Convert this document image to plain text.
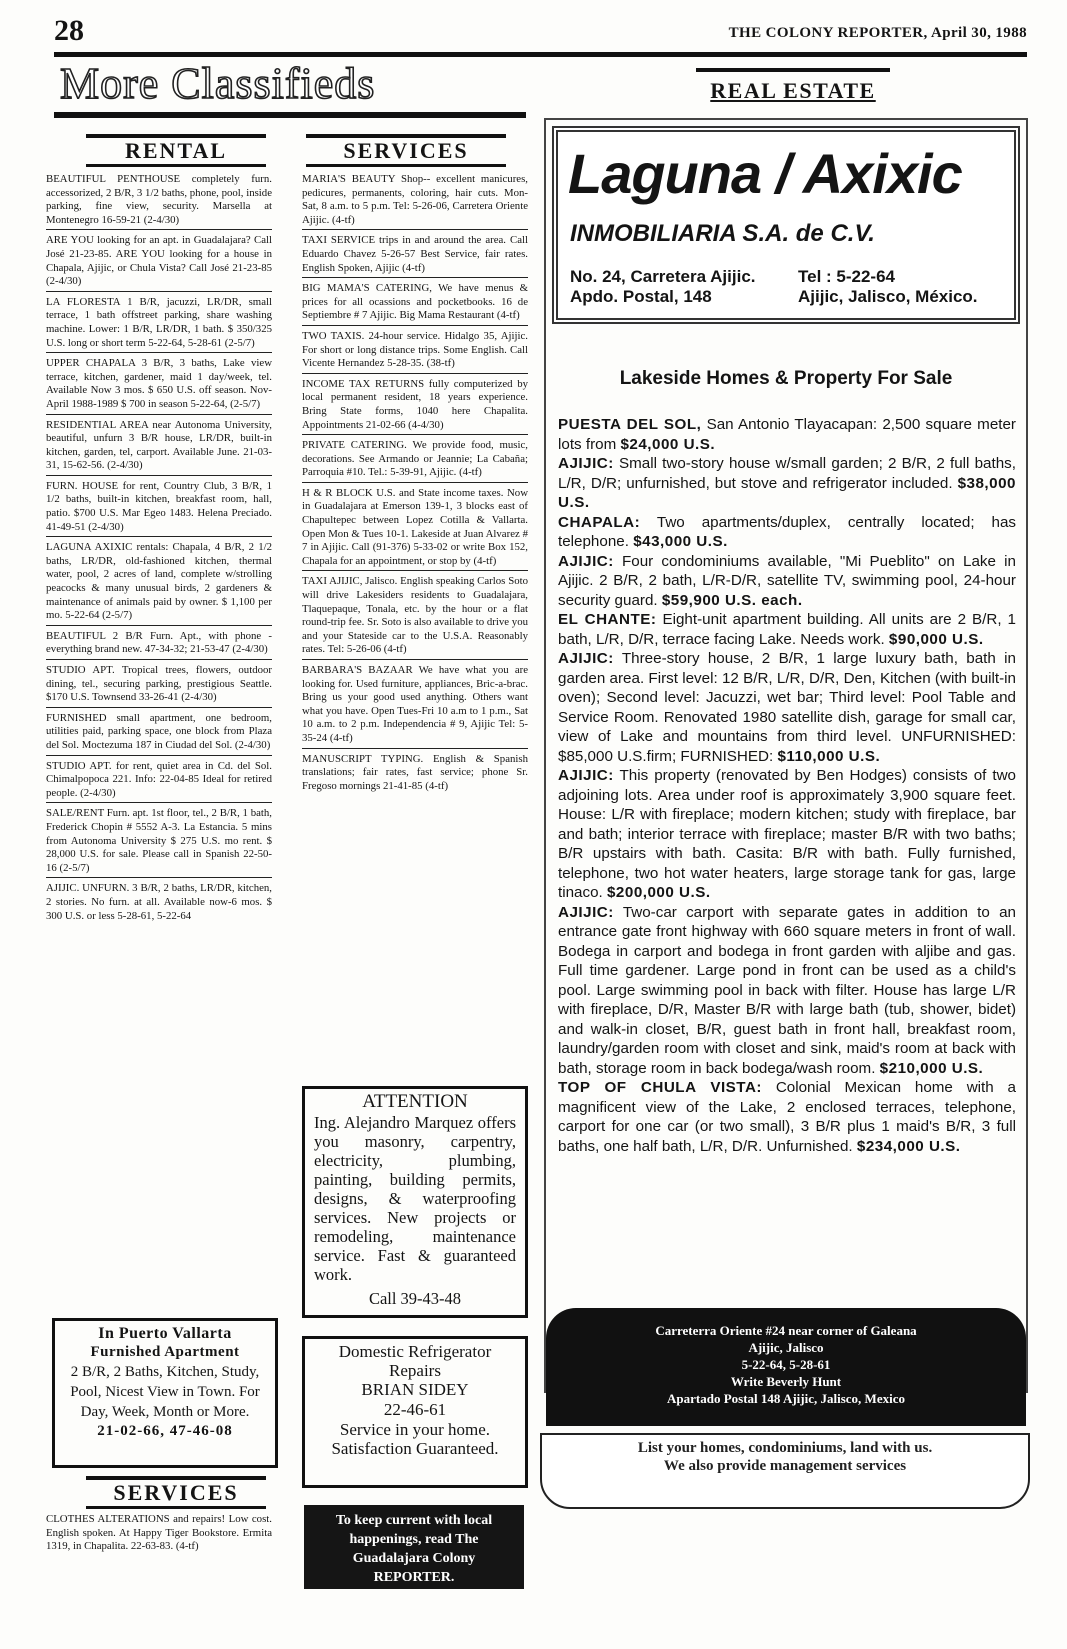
28	THE COLONY REPORTER, April 30, 1988
More Classifieds	REAL ESTATE
RENTAL
BEAUTIFUL PENTHOUSE completely furn. accessorized, 2 B/R, 3 1/2 baths, phone, pool, inside parking, fine view, security. Marsella at Montenegro 16-59-21 (2-4/30)
ARE YOU looking for an apt. in Guadalajara? Call José 21-23-85. ARE YOU looking for a house in Chapala, Ajijic, or Chula Vista? Call José 21-23-85 (2-4/30)
LA FLORESTA 1 B/R, jacuzzi, LR/DR, small terrace, 1 bath offstreet parking, share washing machine. Lower: 1 B/R, LR/DR, 1 bath. $ 350/325 U.S. long or short term 5-22-64, 5-28-61 (2-5/7)
UPPER CHAPALA 3 B/R, 3 baths, Lake view terrace, kitchen, gardener, maid 1 day/week, tel. Available Now 3 mos. $ 650 U.S. off season. Nov-April 1988-1989 $ 700 in season 5-22-64, (2-5/7)
RESIDENTIAL AREA near Autonoma University, beautiful, unfurn 3 B/R house, LR/DR, built-in kitchen, garden, tel, carport. Available June. 21-03-31, 15-62-56. (2-4/30)
FURN. HOUSE for rent, Country Club, 3 B/R, 1 1/2 baths, built-in kitchen, breakfast room, hall, patio. $700 U.S. Mar Egeo 1483. Helena Preciado. 41-49-51 (2-4/30)
LAGUNA AXIXIC rentals: Chapala, 4 B/R, 2 1/2 baths, LR/DR, old-fashioned kitchen, thermal water, pool, 2 acres of land, complete w/strolling peacocks & many unusual birds, 2 gardeners & maintenance of animals paid by owner. $ 1,100 per mo. 5-22-64 (2-5/7)
BEAUTIFUL 2 B/R Furn. Apt., with phone - everything brand new. 47-34-32; 21-53-47 (2-4/30)
STUDIO APT. Tropical trees, flowers, outdoor dining, tel., securing parking, prestigious Seattle. $170 U.S. Townsend 33-26-41 (2-4/30)
FURNISHED small apartment, one bedroom, utilities paid, parking space, one block from Plaza del Sol. Moctezuma 187 in Ciudad del Sol. (2-4/30)
STUDIO APT. for rent, quiet area in Cd. del Sol. Chimalpopoca 221. Info: 22-04-85 Ideal for retired people. (2-4/30)
SALE/RENT Furn. apt. 1st floor, tel., 2 B/R, 1 bath, Frederick Chopin # 5552 A-3. La Estancia. 5 mins from Autonoma University $ 275 U.S. mo rent. $ 28,000 U.S. for sale. Please call in Spanish 22-50-16 (2-5/7)
AJIJIC. UNFURN. 3 B/R, 2 baths, LR/DR, kitchen, 2 stories. No furn. at all. Available now-6 mos. $ 300 U.S. or less 5-28-61, 5-22-64
In Puerto Vallarta
Furnished Apartment
2 B/R, 2 Baths, Kitchen, Study, Pool, Nicest View in Town. For Day, Week, Month or More.
21-02-66, 47-46-08
SERVICES
CLOTHES ALTERATIONS and repairs! Low cost. English spoken. At Happy Tiger Bookstore. Ermita 1319, in Chapalita. 22-63-83. (4-tf)
SERVICES
MARIA'S BEAUTY Shop-- excellent manicures, pedicures, permanents, coloring, hair cuts. Mon-Sat, 8 a.m. to 5 p.m. Tel: 5-26-06, Carretera Oriente Ajijic. (4-tf)
TAXI SERVICE trips in and around the area. Call Eduardo Chavez 5-26-57 Best Service, fair rates. English Spoken, Ajijic (4-tf)
BIG MAMA'S CATERING, We have menus & prices for all ocassions and pocketbooks. 16 de Septiembre # 7 Ajijic. Big Mama Restaurant (4-tf)
TWO TAXIS. 24-hour service. Hidalgo 35, Ajijic. For short or long distance trips. Some English. Call Vicente Hernandez 5-28-35. (38-tf)
INCOME TAX RETURNS fully computerized by local permanent resident, 18 years experience. Bring State forms, 1040 here Chapalita. Appointments 21-02-66 (4-4/30)
PRIVATE CATERING. We provide food, music, decorations. See Armando or Jeannie; La Cabaña; Parroquia #10. Tel.: 5-39-91, Ajijic. (4-tf)
H & R BLOCK U.S. and State income taxes. Now in Guadalajara at Emerson 139-1, 3 blocks east of Chapultepec between Lopez Cotilla & Vallarta. Open Mon & Tues 10-1. Lakeside at Juan Alvarez # 7 in Ajijic. Call (91-376) 5-33-02 or write Box 152, Chapala for an appointment, or stop by (4-tf)
TAXI AJIJIC, Jalisco. English speaking Carlos Soto will drive Lakesiders residents to Guadalajara, Tlaquepaque, Tonala, etc. by the hour or a flat round-trip fee. Sr. Soto is also available to drive you and your Stateside car to the U.S.A. Reasonably rates. Tel: 5-26-06 (4-tf)
BARBARA'S BAZAAR We have what you are looking for. Used furniture, appliances, Bric-a-brac. Bring us your good used anything. Others want what you have. Open Tues-Fri 10 a.m to 1 p.m., Sat 10 a.m. to 2 p.m. Independencia # 9, Ajijic Tel: 5-35-24 (4-tf)
MANUSCRIPT TYPING. English & Spanish translations; fair rates, fast service; phone Sr. Fregoso mornings 21-41-85 (4-tf)
ATTENTION
Ing. Alejandro Marquez offers you masonry, carpentry, electricity, plumbing, painting, building permits, designs, & waterproofing services. New projects or remodeling, maintenance service. Fast & guaranteed work.
Call 39-43-48
Domestic Refrigerator Repairs
BRIAN SIDEY
22-46-61
Service in your home. Satisfaction Guaranteed.
To keep current with local happenings, read The Guadalajara Colony REPORTER.
Laguna / Axixic
INMOBILIARIA S.A. de C.V.
No. 24, Carretera Ajijic.
Apdo. Postal, 148
Tel : 5-22-64
Ajijic, Jalisco, México.
Lakeside Homes & Property For Sale
PUESTA DEL SOL, San Antonio Tlayacapan: 2,500 square meter lots from $24,000 U.S.
AJIJIC: Small two-story house w/small garden; 2 B/R, 2 full baths, L/R, D/R; unfurnished, but stove and refrigerator included. $38,000 U.S.
CHAPALA: Two apartments/duplex, centrally located; has telephone. $43,000 U.S.
AJIJIC: Four condominiums available, "Mi Pueblito" on Lake in Ajijic. 2 B/R, 2 bath, L/R-D/R, satellite TV, swimming pool, 24-hour security guard. $59,900 U.S. each.
EL CHANTE: Eight-unit apartment building. All units are 2 B/R, 1 bath, L/R, D/R, terrace facing Lake. Needs work. $90,000 U.S.
AJIJIC: Three-story house, 2 B/R, 1 large luxury bath, bath in garden area. First level: 12 B/R, L/R, D/R, Den, Kitchen (with built-in oven); Second level: Jacuzzi, wet bar; Third level: Pool Table and Service Room. Renovated 1980 satellite dish, garage for small car, view of Lake and mountains from third level. UNFURNISHED: $85,000 U.S.firm; FURNISHED: $110,000 U.S.
AJIJIC: This property (renovated by Ben Hodges) consists of two adjoining lots. Area under roof is approximately 3,900 square feet. House: L/R with fireplace; modern kitchen; study with fireplace, bar and bath; interior terrace with fireplace; master B/R with two baths; B/R upstairs with bath. Casita: B/R with bath. Fully furnished, telephone, two hot water heaters, large storage tank for gas, large tinaco. $200,000 U.S.
AJIJIC: Two-car carport with separate gates in addition to an entrance gate front highway with 660 square meters in front of wall. Bodega in carport and bodega in front garden with aljibe and gas. Full time gardener. Large pond in front can be used as a child's pool. Large swimming pool in back with filter. House has large L/R with fireplace, D/R, Master B/R with large bath (tub, shower, bidet) and walk-in closet, B/R, guest bath in front hall, breakfast room, laundry/garden room with closet and sink, maid's room at back with bath, storage room in back bodega/wash room. $210,000 U.S.
TOP OF CHULA VISTA: Colonial Mexican home with a magnificent view of the Lake, 2 enclosed terraces, telephone, carport for one car (or two small), 3 B/R plus 1 maid's B/R, 3 full baths, one half bath, L/R, D/R. Unfurnished. $234,000 U.S.
Carreterra Oriente #24 near corner of Galeana
Ajijic, Jalisco
5-22-64, 5-28-61
Write Beverly Hunt
Apartado Postal 148 Ajijic, Jalisco, Mexico
List your homes, condominiums, land with us.
We also provide management services
